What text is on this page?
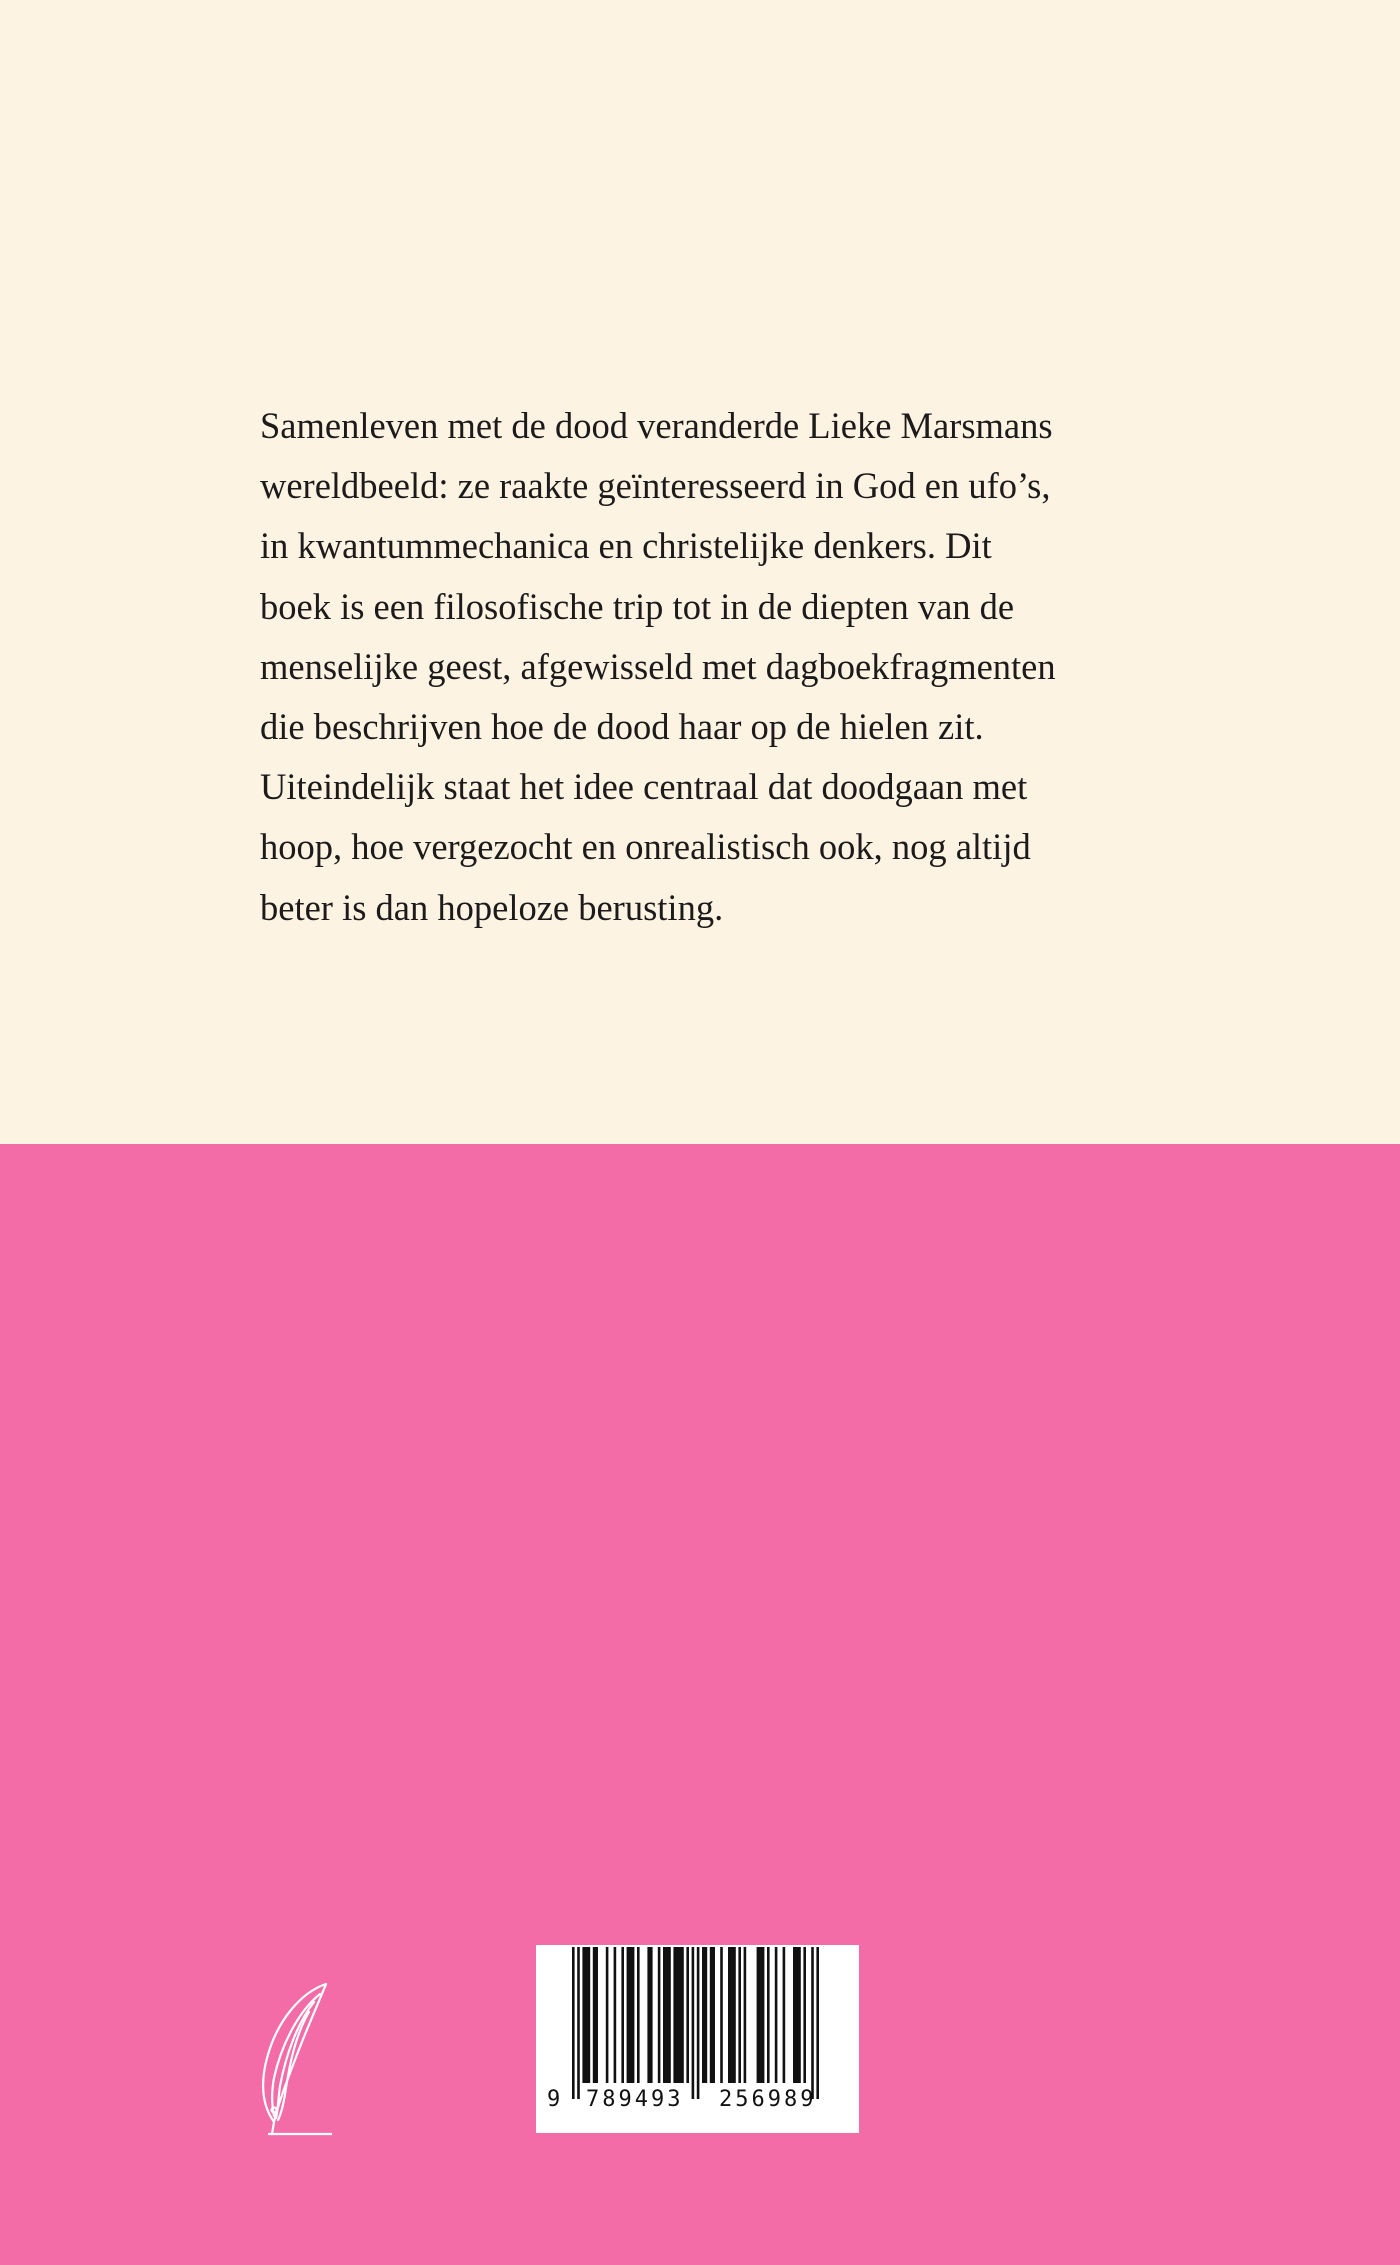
Samenleven met de dood veranderde Lieke Marsmans
wereldbeeld: ze raakte geïnteresseerd in God en ufo’s,
in kwantummechanica en christelijke denkers. Dit
boek is een filosofische trip tot in de diepten van de
menselijke geest, afgewisseld met dagboekfragmenten
die beschrijven hoe de dood haar op de hielen zit.
Uiteindelijk staat het idee centraal dat doodgaan met
hoop, hoe vergezocht en onrealistisch ook, nog altijd
beter is dan hopeloze berusting.

9 789493 256989
